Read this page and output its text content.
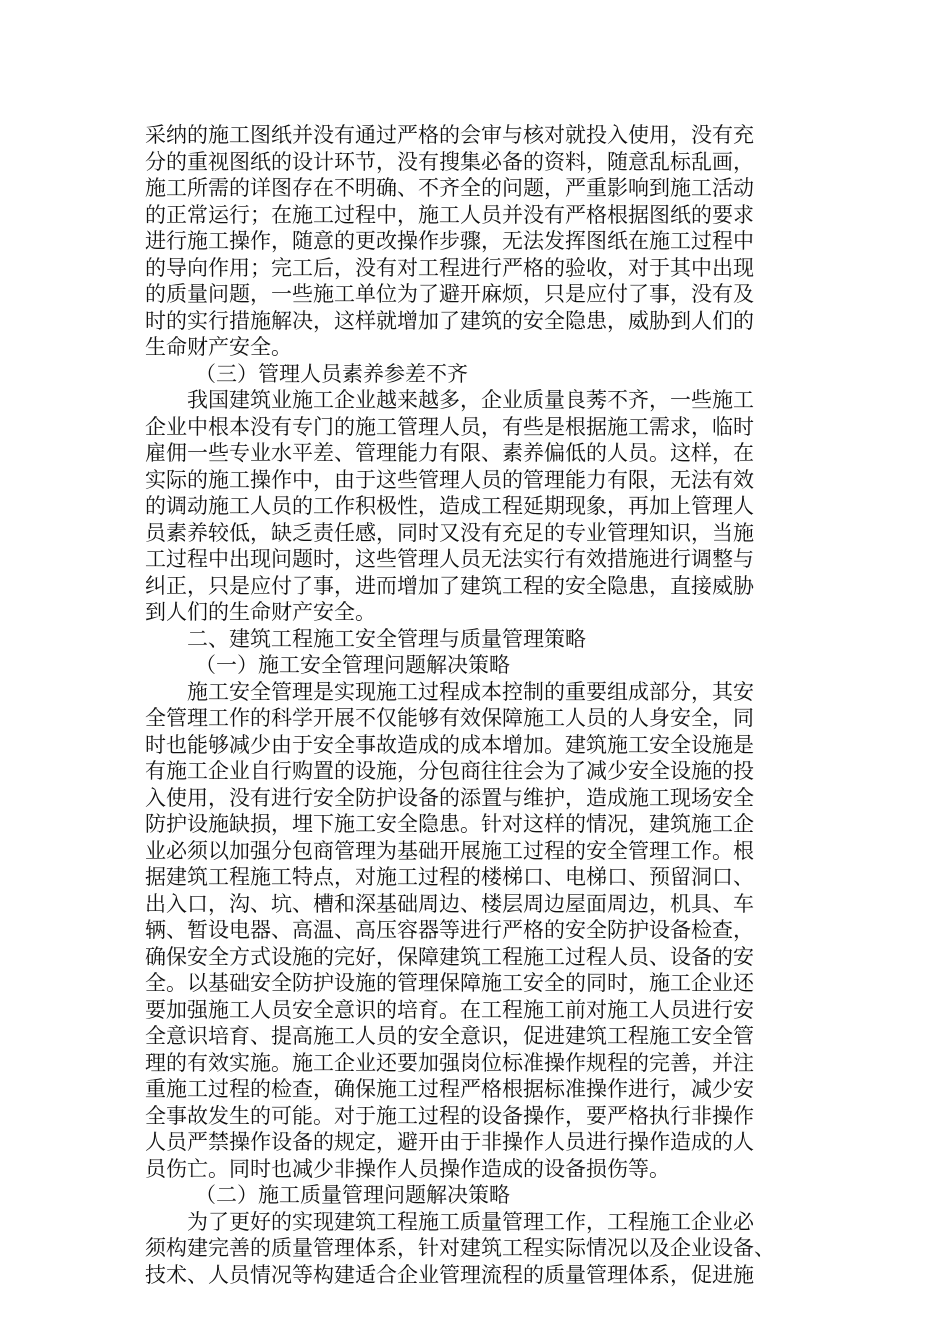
采纳的施工图纸并没有通过严格的会审与核对就投入使用，没有充
分的重视图纸的设计环节，没有搜集必备的资料，随意乱标乱画，
施工所需的详图存在不明确、不齐全的问题，严重影响到施工活动
的正常运行；在施工过程中，施工人员并没有严格根据图纸的要求
进行施工操作，随意的更改操作步骤，无法发挥图纸在施工过程中
的导向作用；完工后，没有对工程进行严格的验收，对于其中出现
的质量问题，一些施工单位为了避开麻烦，只是应付了事，没有及
时的实行措施解决，这样就增加了建筑的安全隐患，威胁到人们的
生命财产安全。
（三）管理人员素养参差不齐
我国建筑业施工企业越来越多，企业质量良莠不齐，一些施工
企业中根本没有专门的施工管理人员，有些是根据施工需求，临时
雇佣一些专业水平差、管理能力有限、素养偏低的人员。这样，在
实际的施工操作中，由于这些管理人员的管理能力有限，无法有效
的调动施工人员的工作积极性，造成工程延期现象，再加上管理人
员素养较低，缺乏责任感，同时又没有充足的专业管理知识，当施
工过程中出现问题时，这些管理人员无法实行有效措施进行调整与
纠正，只是应付了事，进而增加了建筑工程的安全隐患，直接威胁
到人们的生命财产安全。
二、建筑工程施工安全管理与质量管理策略
（一）施工安全管理问题解决策略
施工安全管理是实现施工过程成本控制的重要组成部分，其安
全管理工作的科学开展不仅能够有效保障施工人员的人身安全，同
时也能够减少由于安全事故造成的成本增加。建筑施工安全设施是
有施工企业自行购置的设施，分包商往往会为了减少安全设施的投
入使用，没有进行安全防护设备的添置与维护，造成施工现场安全
防护设施缺损，埋下施工安全隐患。针对这样的情况，建筑施工企
业必须以加强分包商管理为基础开展施工过程的安全管理工作。根
据建筑工程施工特点，对施工过程的楼梯口、电梯口、预留洞口、
出入口，沟、坑、槽和深基础周边、楼层周边屋面周边，机具、车
辆、暂设电器、高温、高压容器等进行严格的安全防护设备检查，
确保安全方式设施的完好，保障建筑工程施工过程人员、设备的安
全。以基础安全防护设施的管理保障施工安全的同时，施工企业还
要加强施工人员安全意识的培育。在工程施工前对施工人员进行安
全意识培育、提高施工人员的安全意识，促进建筑工程施工安全管
理的有效实施。施工企业还要加强岗位标准操作规程的完善，并注
重施工过程的检查，确保施工过程严格根据标准操作进行，减少安
全事故发生的可能。对于施工过程的设备操作，要严格执行非操作
人员严禁操作设备的规定，避开由于非操作人员进行操作造成的人
员伤亡。同时也减少非操作人员操作造成的设备损伤等。
（二）施工质量管理问题解决策略
为了更好的实现建筑工程施工质量管理工作，工程施工企业必
须构建完善的质量管理体系，针对建筑工程实际情况以及企业设备、
技术、人员情况等构建适合企业管理流程的质量管理体系，促进施
